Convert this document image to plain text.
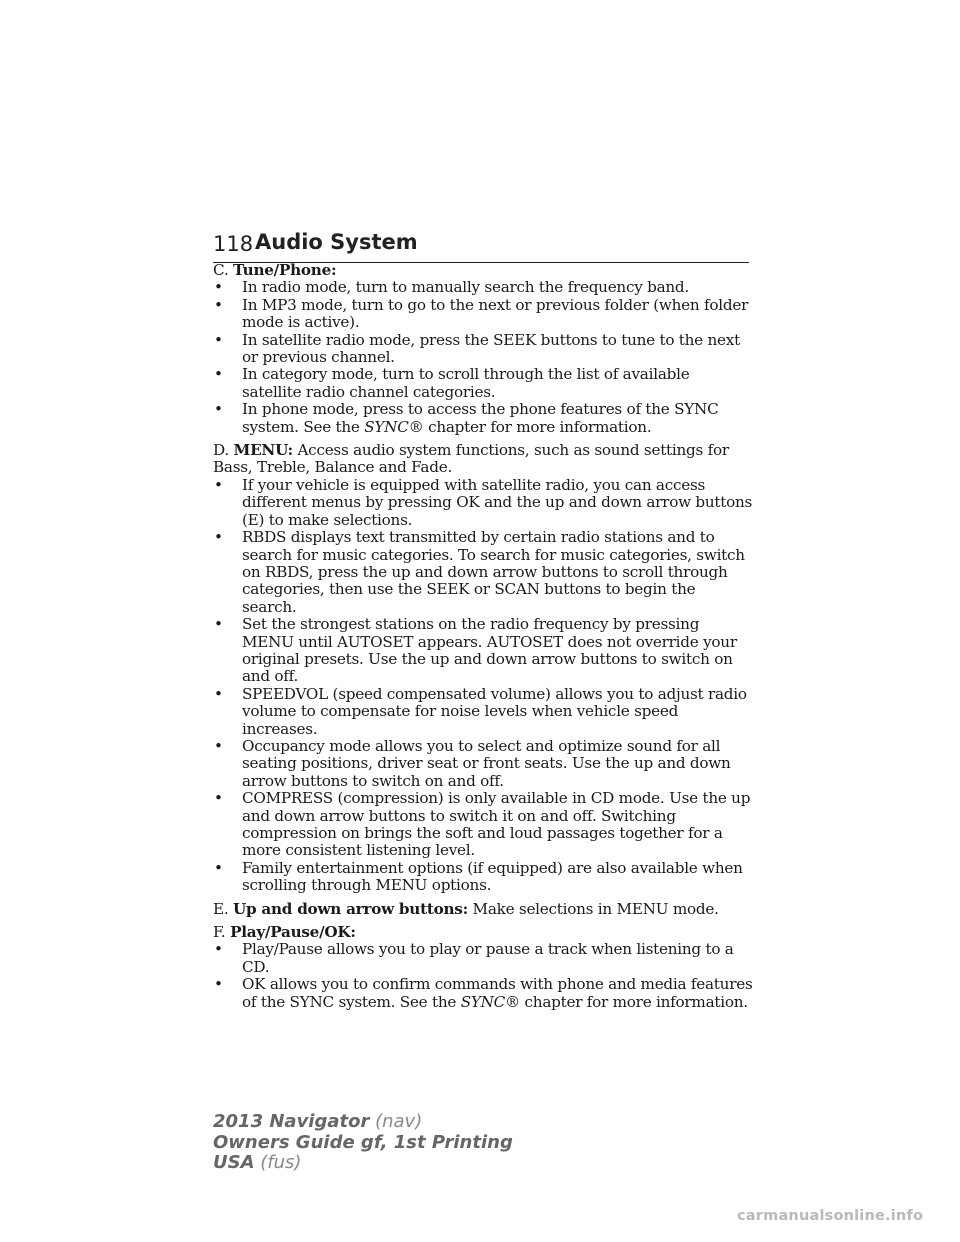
118 Audio System

C. Tune/Phone:

• In radio mode, turn to manually search the frequency band.
• In MP3 mode, turn to go to the next or previous folder (when folder mode is active).
• In satellite radio mode, press the SEEK buttons to tune to the next or previous channel.
• In category mode, turn to scroll through the list of available satellite radio channel categories.
• In phone mode, press to access the phone features of the SYNC system. See the SYNC® chapter for more information.

D. MENU: Access audio system functions, such as sound settings for Bass, Treble, Balance and Fade.

• If your vehicle is equipped with satellite radio, you can access different menus by pressing OK and the up and down arrow buttons (E) to make selections.
• RBDS displays text transmitted by certain radio stations and to search for music categories. To search for music categories, switch on RBDS, press the up and down arrow buttons to scroll through categories, then use the SEEK or SCAN buttons to begin the search.
• Set the strongest stations on the radio frequency by pressing MENU until AUTOSET appears. AUTOSET does not override your original presets. Use the up and down arrow buttons to switch on and off.
• SPEEDVOL (speed compensated volume) allows you to adjust radio volume to compensate for noise levels when vehicle speed increases.
• Occupancy mode allows you to select and optimize sound for all seating positions, driver seat or front seats. Use the up and down arrow buttons to switch on and off.
• COMPRESS (compression) is only available in CD mode. Use the up and down arrow buttons to switch it on and off. Switching compression on brings the soft and loud passages together for a more consistent listening level.
• Family entertainment options (if equipped) are also available when scrolling through MENU options.

E. Up and down arrow buttons: Make selections in MENU mode.

F. Play/Pause/OK:

• Play/Pause allows you to play or pause a track when listening to a CD.
• OK allows you to confirm commands with phone and media features of the SYNC system. See the SYNC® chapter for more information.
2013 Navigator (nav)
Owners Guide gf, 1st Printing
USA (fus)
carmanualsonline.info
